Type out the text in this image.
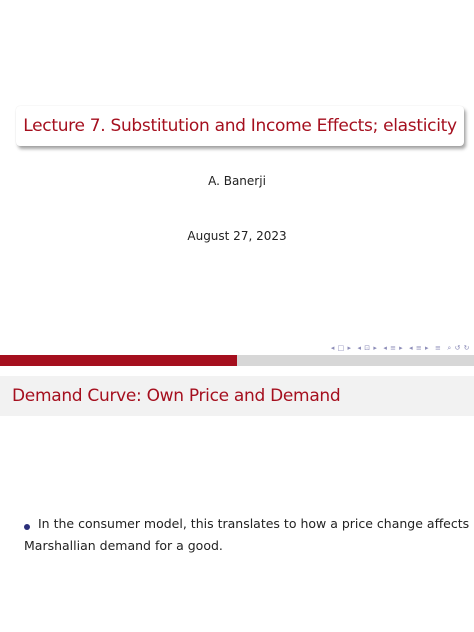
Lecture 7. Substitution and Income Effects; elasticity
A. Banerji
August 27, 2023
◂ □ ▸ ◂ ⊡ ▸ ◂ ≡ ▸ ◂ ≡ ▸ ≡ ⌕ ↺ ↻
Demand Curve: Own Price and Demand
In the consumer model, this translates to how a price change affects
Marshallian demand for a good.
